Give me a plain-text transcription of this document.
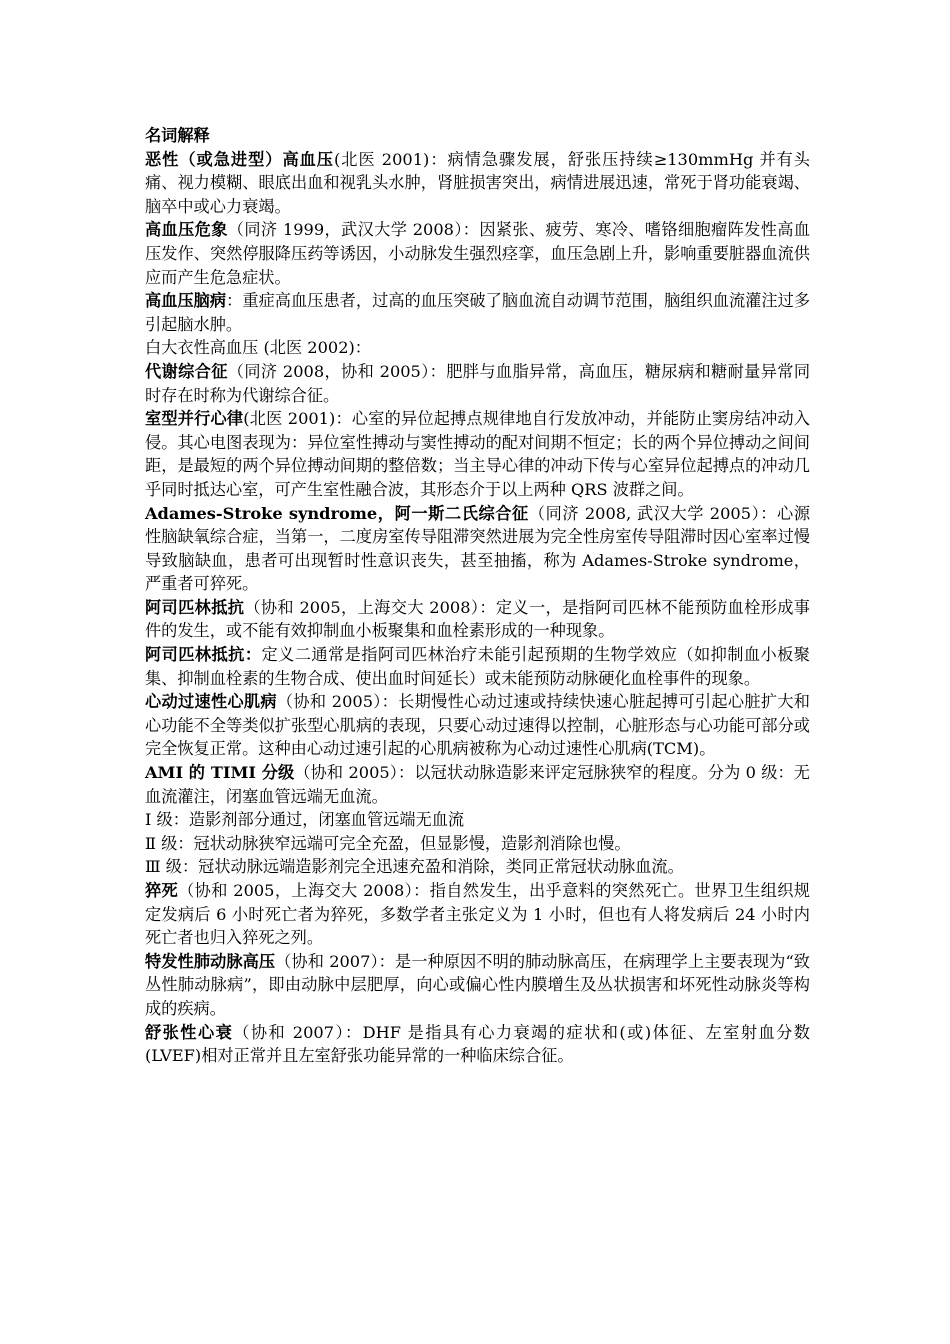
名词解释

恶性（或急进型）高血压(北医 2001)：病情急骤发展，舒张压持续≥130mmHg 并有头痛、视力模糊、眼底出血和视乳头水肿，肾脏损害突出，病情进展迅速，常死于肾功能衰竭、脑卒中或心力衰竭。

高血压危象（同济 1999，武汉大学 2008）：因紧张、疲劳、寒冷、嗜铬细胞瘤阵发性高血压发作、突然停服降压药等诱因，小动脉发生强烈痉挛，血压急剧上升，影响重要脏器血流供应而产生危急症状。

高血压脑病：重症高血压患者，过高的血压突破了脑血流自动调节范围，脑组织血流灌注过多引起脑水肿。

白大衣性高血压 (北医 2002)：

代谢综合征（同济 2008，协和 2005）：肥胖与血脂异常，高血压，糖尿病和糖耐量异常同时存在时称为代谢综合征。

室型并行心律(北医 2001)：心室的异位起搏点规律地自行发放冲动，并能防止窦房结冲动入侵。其心电图表现为：异位室性搏动与窦性搏动的配对间期不恒定；长的两个异位搏动之间间距，是最短的两个异位搏动间期的整倍数；当主导心律的冲动下传与心室异位起搏点的冲动几乎同时抵达心室，可产生室性融合波，其形态介于以上两种 QRS 波群之间。

Adames-Stroke syndrome，阿一斯二氏综合征（同济 2008, 武汉大学 2005）：心源性脑缺氧综合症，当第一，二度房室传导阻滞突然进展为完全性房室传导阻滞时因心室率过慢导致脑缺血，患者可出现暂时性意识丧失，甚至抽搐，称为 Adames-Stroke syndrome，严重者可猝死。

阿司匹林抵抗（协和 2005，上海交大 2008）：定义一，是指阿司匹林不能预防血栓形成事件的发生，或不能有效抑制血小板聚集和血栓素形成的一种现象。

阿司匹林抵抗：定义二通常是指阿司匹林治疗未能引起预期的生物学效应（如抑制血小板聚集、抑制血栓素的生物合成、使出血时间延长）或未能预防动脉硬化血栓事件的现象。

心动过速性心肌病（协和 2005）：长期慢性心动过速或持续快速心脏起搏可引起心脏扩大和心功能不全等类似扩张型心肌病的表现，只要心动过速得以控制，心脏形态与心功能可部分或完全恢复正常。这种由心动过速引起的心肌病被称为心动过速性心肌病(TCM)。

AMI 的 TIMI 分级（协和 2005）：以冠状动脉造影来评定冠脉狭窄的程度。分为 0 级：无血流灌注，闭塞血管远端无血流。

Ⅰ 级：造影剂部分通过，闭塞血管远端无血流

Ⅱ 级：冠状动脉狭窄远端可完全充盈，但显影慢，造影剂消除也慢。

Ⅲ 级：冠状动脉远端造影剂完全迅速充盈和消除，类同正常冠状动脉血流。

猝死（协和 2005，上海交大 2008）：指自然发生，出乎意料的突然死亡。世界卫生组织规定发病后 6 小时死亡者为猝死，多数学者主张定义为 1 小时，但也有人将发病后 24 小时内死亡者也归入猝死之列。

特发性肺动脉高压（协和 2007）：是一种原因不明的肺动脉高压，在病理学上主要表现为“致丛性肺动脉病”，即由动脉中层肥厚，向心或偏心性内膜增生及丛状损害和坏死性动脉炎等构成的疾病。

舒张性心衰（协和 2007）：DHF 是指具有心力衰竭的症状和(或)体征、左室射血分数(LVEF)相对正常并且左室舒张功能异常的一种临床综合征。
